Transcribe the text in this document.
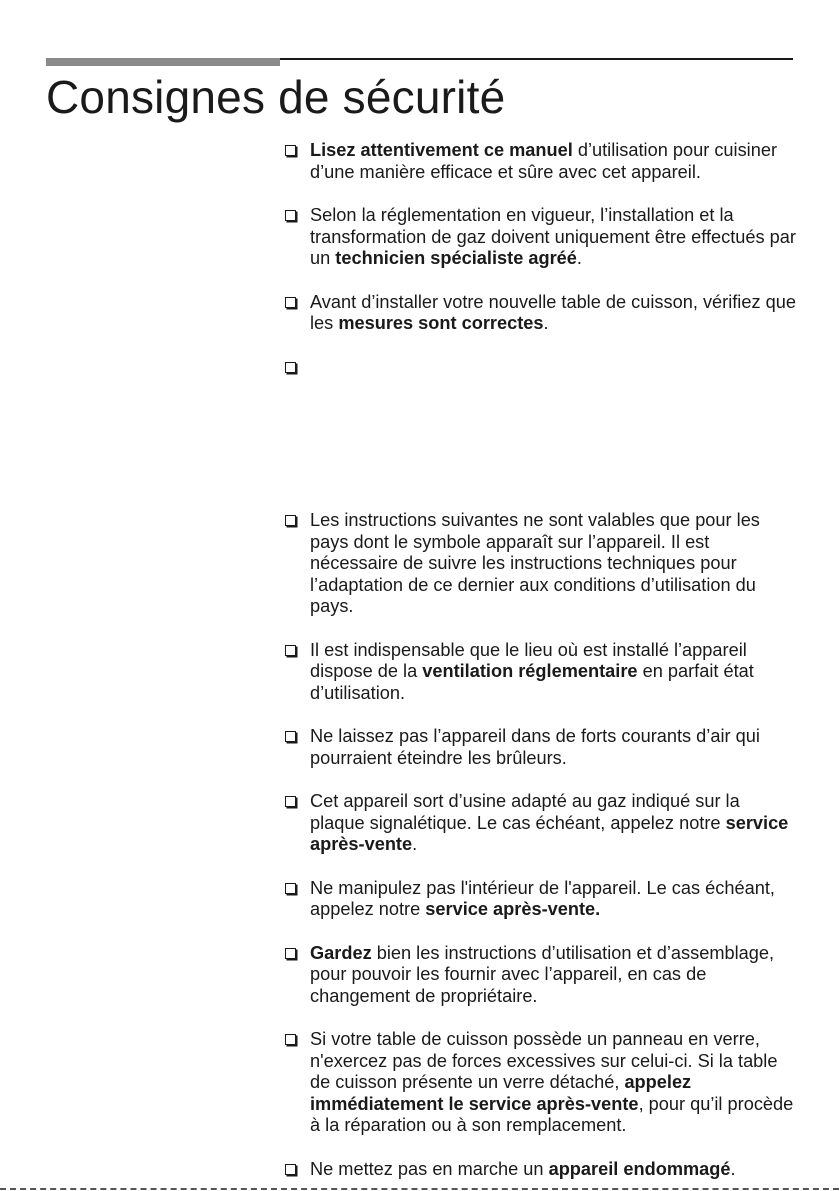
Consignes de sécurité
Lisez attentivement ce manuel d’utilisation pour cuisiner d’une manière efficace et sûre avec cet appareil.
Selon la réglementation en vigueur, l’installation et la transformation de gaz doivent uniquement être effectués par un technicien spécialiste agréé.
Avant d’installer votre nouvelle table de cuisson, vérifiez que les mesures sont correctes.
Les instructions suivantes ne sont valables que pour les pays dont le symbole apparaît sur l’appareil. Il est nécessaire de suivre les instructions techniques pour l’adaptation de ce dernier aux conditions d’utilisation du pays.
Il est indispensable que le lieu où est installé l’appareil dispose de la ventilation réglementaire en parfait état d’utilisation.
Ne laissez pas l’appareil dans de forts courants d’air qui pourraient éteindre les brûleurs.
Cet appareil sort d’usine adapté au gaz indiqué sur la plaque signalétique. Le cas échéant, appelez notre service après-vente.
Ne manipulez pas l'intérieur de l'appareil. Le cas échéant, appelez notre service après-vente.
Gardez bien les instructions d’utilisation et d’assemblage, pour pouvoir les fournir avec l’appareil, en cas de changement de propriétaire.
Si votre table de cuisson possède un panneau en verre, n'exercez pas de forces excessives sur celui-ci. Si la table de cuisson présente un verre détaché, appelez immédiatement le service après-vente, pour qu’il procède à la réparation ou à son remplacement.
Ne mettez pas en marche un appareil endommagé.
